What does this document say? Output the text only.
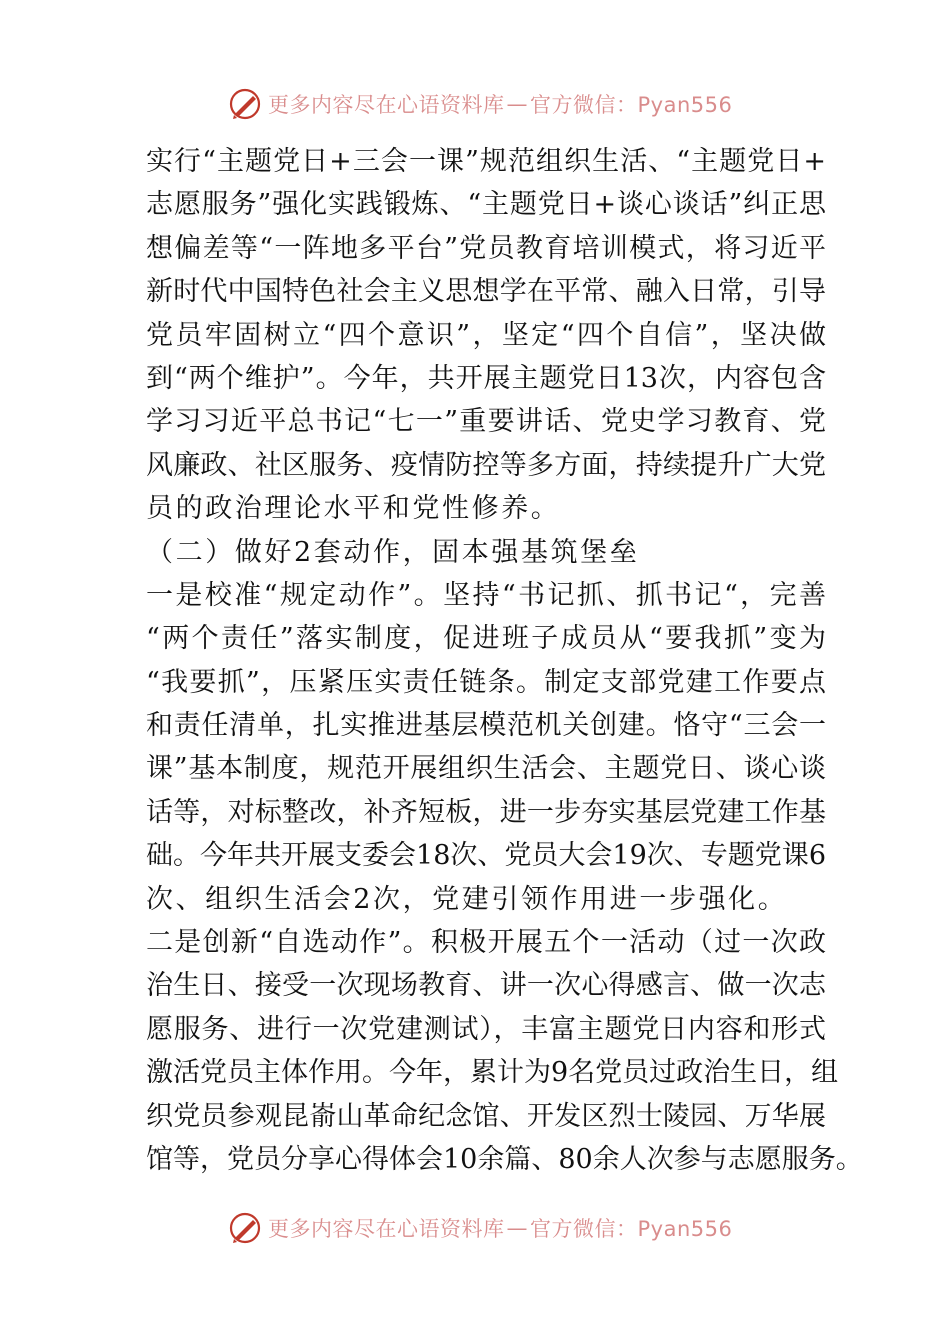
更多内容尽在心语资料库 — 官方微信：Pyan556
实行“主题党日+三会一课”规范组织生活、“主题党日+
志愿服务”强化实践锻炼、“主题党日+谈心谈话”纠正思
想偏差等“一阵地多平台”党员教育培训模式，将习近平
新时代中国特色社会主义思想学在平常、融入日常，引导
党员牢固树立“四个意识”，坚定“四个自信”，坚决做
到“两个维护”。今年，共开展主题党日13次，内容包含
学习习近平总书记“七一”重要讲话、党史学习教育、党
风廉政、社区服务、疫情防控等多方面，持续提升广大党
员的政治理论水平和党性修养。
（二）做好2套动作，固本强基筑堡垒
一是校准“规定动作”。坚持“书记抓、抓书记“，完善
“两个责任”落实制度，促进班子成员从“要我抓”变为
“我要抓”，压紧压实责任链条。制定支部党建工作要点
和责任清单，扎实推进基层模范机关创建。恪守“三会一
课”基本制度，规范开展组织生活会、主题党日、谈心谈
话等，对标整改，补齐短板，进一步夯实基层党建工作基
础。今年共开展支委会18次、党员大会19次、专题党课6
次、组织生活会2次，党建引领作用进一步强化。
二是创新“自选动作”。积极开展五个一活动（过一次政
治生日、接受一次现场教育、讲一次心得感言、做一次志
愿服务、进行一次党建测试），丰富主题党日内容和形式
激活党员主体作用。今年，累计为9名党员过政治生日，组
织党员参观昆嵛山革命纪念馆、开发区烈士陵园、万华展
馆等，党员分享心得体会10余篇、80余人次参与志愿服务。
更多内容尽在心语资料库 — 官方微信：Pyan556
